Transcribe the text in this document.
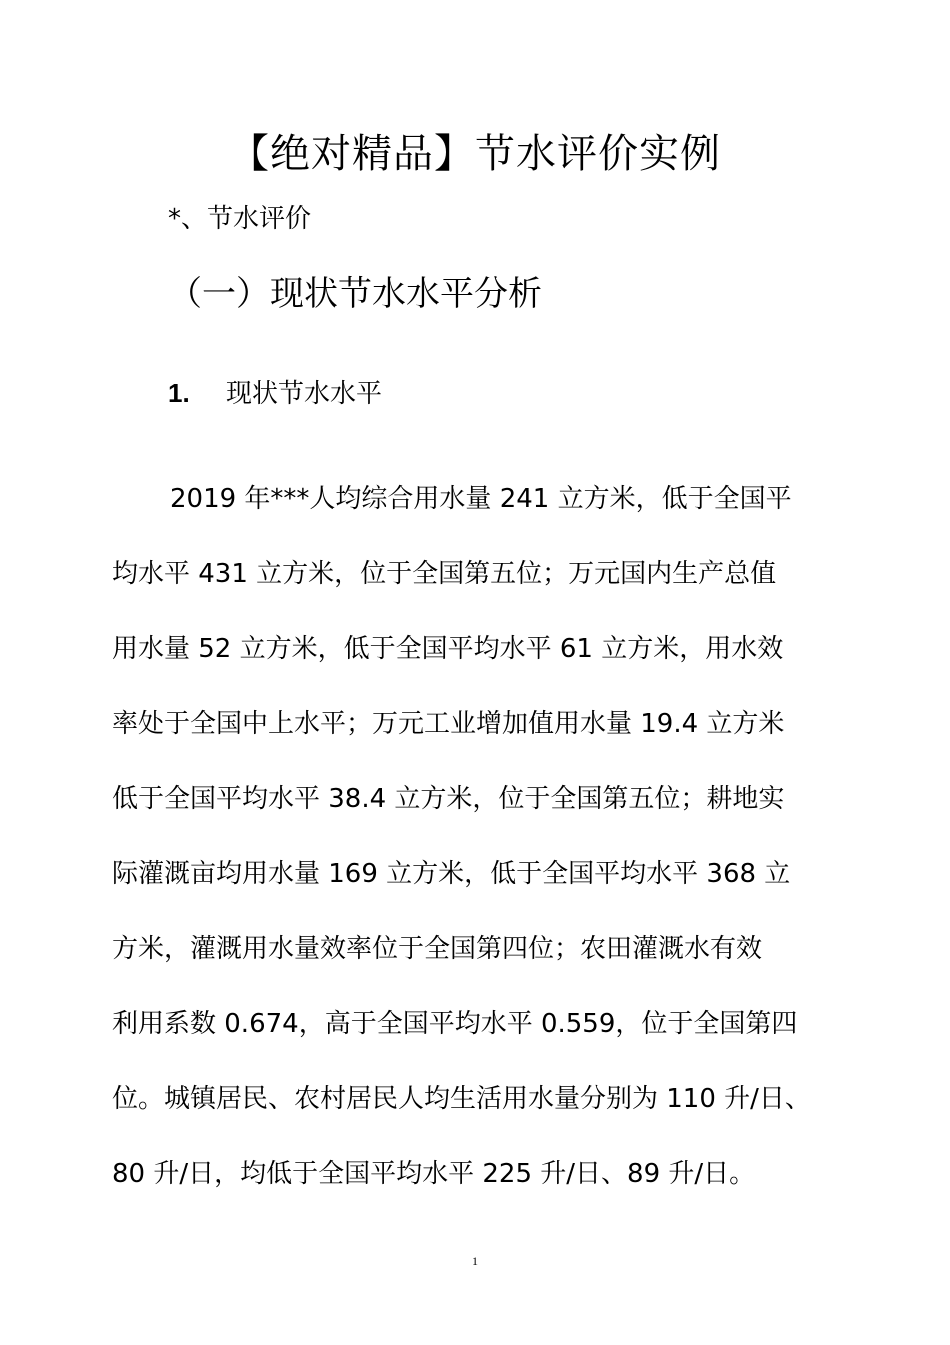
【绝对精品】节水评价实例
*、节水评价
（一）现状节水水平分析
1. 现状节水水平
2019 年***人均综合用水量 241 立方米，低于全国平
均水平 431 立方米，位于全国第五位；万元国内生产总值
用水量 52 立方米，低于全国平均水平 61 立方米，用水效
率处于全国中上水平；万元工业增加值用水量 19.4 立方米
低于全国平均水平 38.4 立方米，位于全国第五位；耕地实
际灌溉亩均用水量 169 立方米，低于全国平均水平 368 立
方米，灌溉用水量效率位于全国第四位；农田灌溉水有效
利用系数 0.674，高于全国平均水平 0.559，位于全国第四
位。城镇居民、农村居民人均生活用水量分别为 110 升/日、
80 升/日，均低于全国平均水平 225 升/日、89 升/日。
1
